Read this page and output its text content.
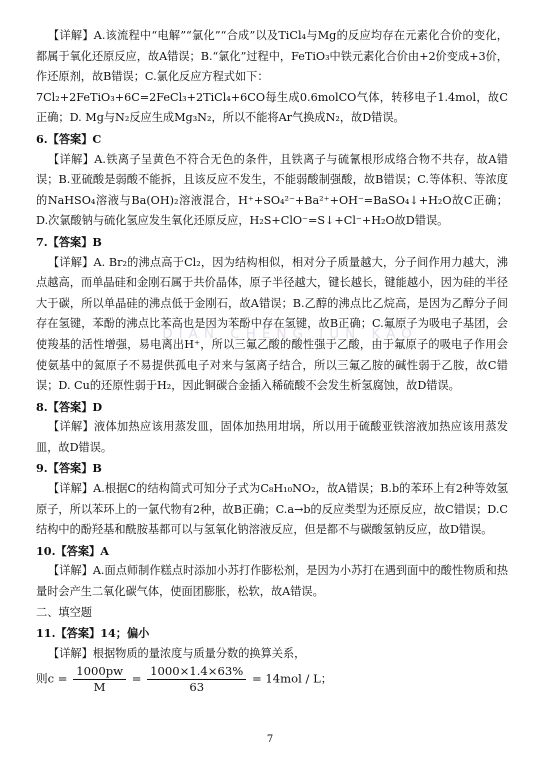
DIAN CHENG JUN KAO

【详解】A.该流程中“电解”“氯化”“合成”以及TiCl₄与Mg的反应均存在元素化合价的变化，都属于氧化还原反应，故A错误；B.“氯化”过程中，FeTiO₃中铁元素化合价由+2价变成+3价，作还原剂，故B错误；C.氯化反应方程式如下：

7Cl₂+2FeTiO₃+6C=2FeCl₃+2TiCl₄+6CO每生成0.6molCO气体，转移电子1.4mol，故C正确；D. Mg与N₂反应生成Mg₃N₂，所以不能将Ar气换成N₂，故D错误。

6.【答案】C

【详解】A.铁离子呈黄色不符合无色的条件，且铁离子与硫氰根形成络合物不共存，故A错误；B.亚硫酸是弱酸不能拆，且该反应不发生，不能弱酸制强酸，故B错误；C.等体积、等浓度的NaHSO₄溶液与Ba(OH)₂溶液混合，H⁺+SO₄²⁻+Ba²⁺+OH⁻=BaSO₄↓+H₂O故C正确；D.次氯酸钠与硫化氢应发生氧化还原反应，H₂S+ClO⁻=S↓+Cl⁻+H₂O故D错误。

7.【答案】B

【详解】A. Br₂的沸点高于Cl₂，因为结构相似，相对分子质量越大，分子间作用力越大，沸点越高，而单晶硅和金刚石属于共价晶体，原子半径越大，键长越长，键能越小，因为硅的半径大于碳，所以单晶硅的沸点低于金刚石，故A错误；B.乙醇的沸点比乙烷高，是因为乙醇分子间存在氢键，苯酚的沸点比苯高也是因为苯酚中存在氢键，故B正确；C.氟原子为吸电子基团，会使羧基的活性增强，易电离出H⁺，所以三氟乙酸的酸性强于乙酸，由于氟原子的吸电子作用会使氨基中的氮原子不易提供孤电子对来与氢离子结合，所以三氟乙胺的碱性弱于乙胺，故C错误；D. Cu的还原性弱于H₂，因此铜碳合金插入稀硫酸不会发生析氢腐蚀，故D错误。

8.【答案】D

【详解】液体加热应该用蒸发皿，固体加热用坩埚，所以用于硫酸亚铁溶液加热应该用蒸发皿，故D错误。

9.【答案】B

【详解】A.根据C的结构简式可知分子式为C₈H₁₀NO₂，故A错误；B.b的苯环上有2种等效氢原子，所以苯环上的一氯代物有2种，故B正确；C.a→b的反应类型为还原反应，故C错误；D.C结构中的酚羟基和酰胺基都可以与氢氧化钠溶液反应，但是都不与碳酸氢钠反应，故D错误。

10.【答案】A

【详解】A.面点师制作糕点时添加小苏打作膨松剂，是因为小苏打在遇到面中的酸性物质和热量时会产生二氧化碳气体，使面团膨胀，松软，故A错误。

二、填空题

11.【答案】14；偏小

【详解】根据物质的量浓度与质量分数的换算关系，

则$c = \frac{1000pw}{M} = \frac{1000\times 1.4\times 63\%}{63} = 14mol / L$；

7
